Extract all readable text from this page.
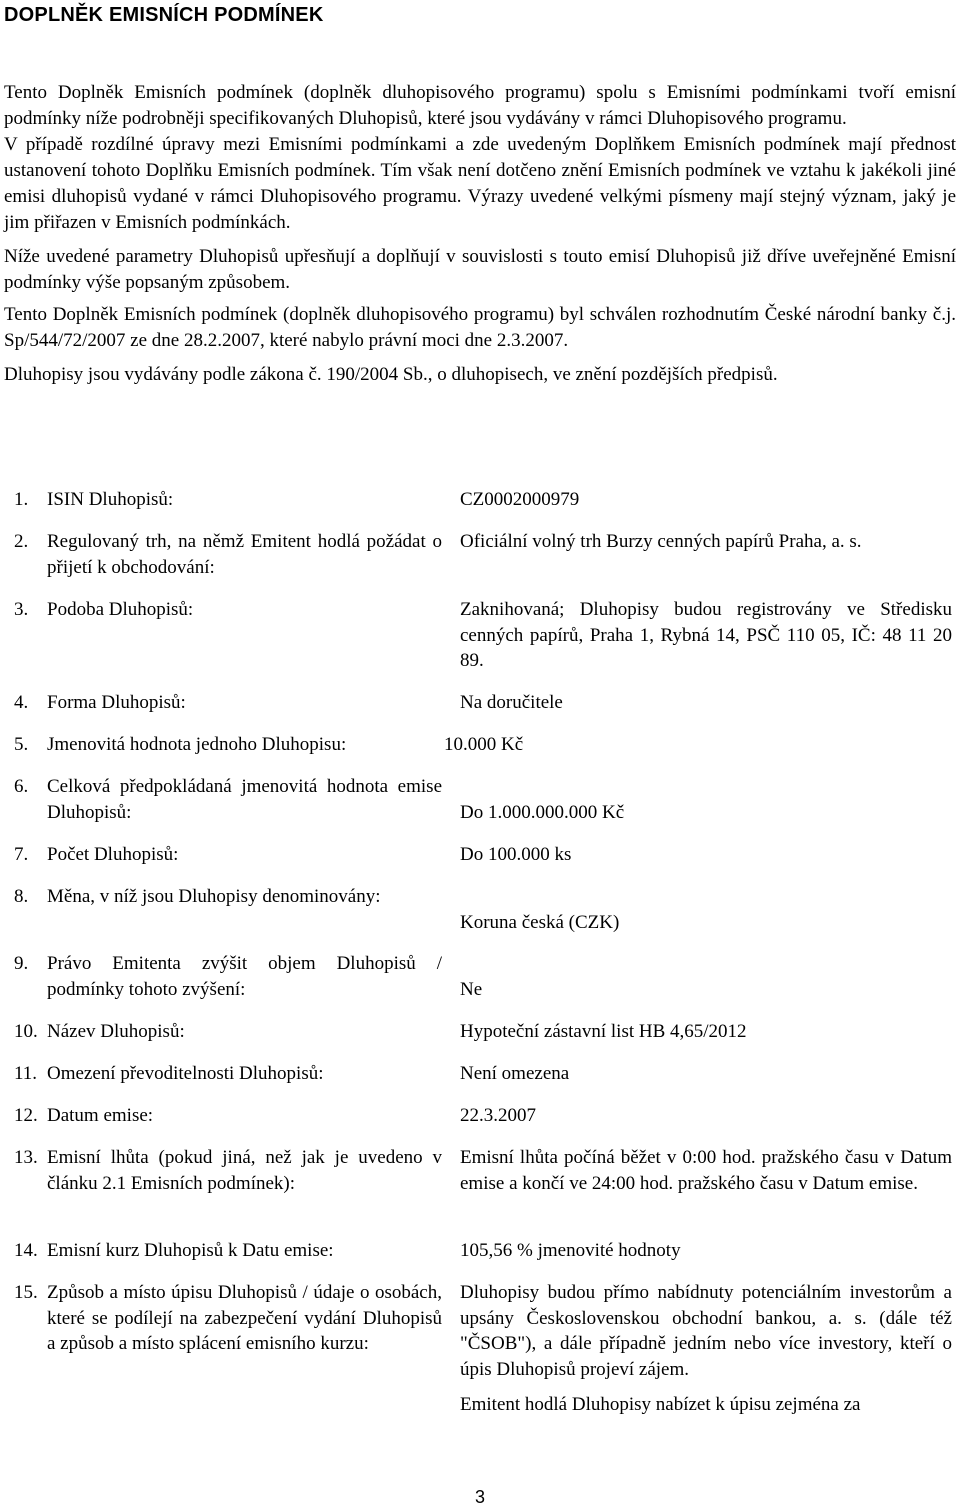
DOPLNĚK EMISNÍCH PODMÍNEK

Tento Doplněk Emisních podmínek (doplněk dluhopisového programu) spolu s Emisními podmínkami tvoří emisní podmínky níže podrobněji specifikovaných Dluhopisů, které jsou vydávány v rámci Dluhopisového programu.

V případě rozdílné úpravy mezi Emisními podmínkami a zde uvedeným Doplňkem Emisních podmínek mají přednost ustanovení tohoto Doplňku Emisních podmínek. Tím však není dotčeno znění Emisních podmínek ve vztahu k jakékoli jiné emisi dluhopisů vydané v rámci Dluhopisového programu. Výrazy uvedené velkými písmeny mají stejný význam, jaký je jim přiřazen v Emisních podmínkách.

Níže uvedené parametry Dluhopisů upřesňují a doplňují v souvislosti s touto emisí Dluhopisů již dříve uveřejněné Emisní podmínky výše popsaným způsobem.

Tento Doplněk Emisních podmínek (doplněk dluhopisového programu) byl schválen rozhodnutím České národní banky č.j. Sp/544/72/2007 ze dne 28.2.2007, které nabylo právní moci dne 2.3.2007.

Dluhopisy jsou vydávány podle zákona č. 190/2004 Sb., o dluhopisech, ve znění pozdějších předpisů.

1. ISIN Dluhopisů:	CZ0002000979
2. Regulovaný trh, na němž Emitent hodlá požádat o přijetí k obchodování:
Oficiální volný trh Burzy cenných papírů Praha, a. s.
3. Podoba Dluhopisů:	Zaknihovaná; Dluhopisy budou registrovány ve Středisku cenných papírů, Praha 1, Rybná 14, PSČ 110 05, IČ: 48 11 20 89.
4. Forma Dluhopisů:	Na doručitele
5. Jmenovitá hodnota jednoho Dluhopisu:	10.000 Kč
6. Celková předpokládaná jmenovitá hodnota emise Dluhopisů:	Do 1.000.000.000 Kč
7. Počet Dluhopisů:	Do 100.000 ks
8. Měna, v níž jsou Dluhopisy denominovány:
Koruna česká (CZK)
9. Právo Emitenta zvýšit objem Dluhopisů / podmínky tohoto zvýšení:	Ne
10. Název Dluhopisů:	Hypoteční zástavní list HB 4,65/2012
11. Omezení převoditelnosti Dluhopisů:	Není omezena
12. Datum emise:	22.3.2007
13. Emisní lhůta (pokud jiná, než jak je uvedeno v článku 2.1 Emisních podmínek):
Emisní lhůta počíná běžet v 0:00 hod. pražského času v Datum emise a končí ve 24:00 hod. pražského času v Datum emise.
14. Emisní kurz Dluhopisů k Datu emise:	105,56 % jmenovité hodnoty
15. Způsob a místo úpisu Dluhopisů / údaje o osobách, které se podílejí na zabezpečení vydání Dluhopisů a způsob a místo splácení emisního kurzu:

Dluhopisy budou přímo nabídnuty potenciálním investorům a upsány Československou obchodní bankou, a. s. (dále též "ČSOB"), a dále případně jedním nebo více investory, kteří o úpis Dluhopisů projeví zájem.

Emitent hodlá Dluhopisy nabízet k úpisu zejména za

3
